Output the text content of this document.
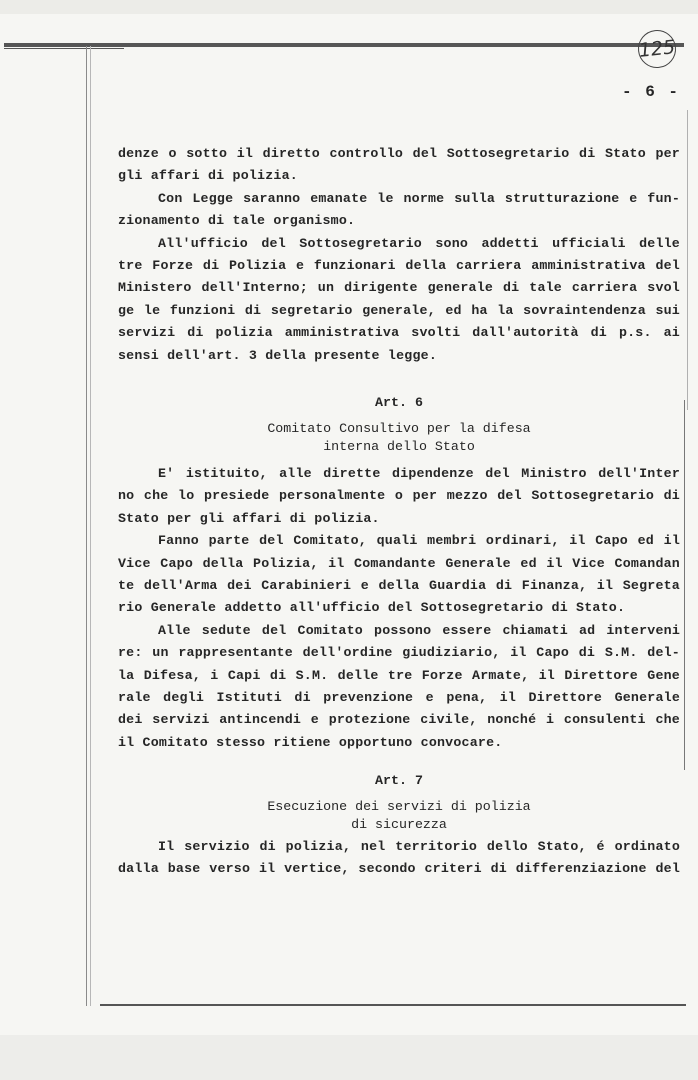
125
- 6 -
denze o sotto il diretto controllo del Sottosegretario di Stato per
gli affari di polizia.
Con Legge saranno emanate le norme sulla strutturazione e fun-
zionamento di tale organismo.
All'ufficio del Sottosegretario sono addetti ufficiali delle
tre Forze di Polizia e funzionari della carriera amministrativa del
Ministero dell'Interno; un dirigente generale di tale carriera svol
ge le funzioni di segretario generale, ed ha la sovraintendenza sui
servizi di polizia amministrativa svolti dall'autorità di p.s. ai
sensi dell'art. 3 della presente legge.
Art. 6
Comitato Consultivo per la difesa
interna dello Stato
E' istituito, alle dirette dipendenze del Ministro dell'Inter
no che lo presiede personalmente o per mezzo del Sottosegretario di
Stato per gli affari di polizia.
Fanno parte del Comitato, quali membri ordinari, il Capo ed il
Vice Capo della Polizia, il Comandante Generale ed il Vice Comandan
te dell'Arma dei Carabinieri e della Guardia di Finanza, il Segreta
rio Generale addetto all'ufficio del Sottosegretario di Stato.
Alle sedute del Comitato possono essere chiamati ad interveni
re: un rappresentante dell'ordine giudiziario, il Capo di S.M. del-
la Difesa, i Capi di S.M. delle tre Forze Armate, il Direttore Gene
rale degli Istituti di prevenzione e pena, il Direttore Generale
dei servizi antincendi e protezione civile, nonché i consulenti che
il Comitato stesso ritiene opportuno convocare.
Art. 7
Esecuzione dei servizi di polizia
di sicurezza
Il servizio di polizia, nel territorio dello Stato, é ordinato
dalla base verso il vertice, secondo criteri di differenziazione del
